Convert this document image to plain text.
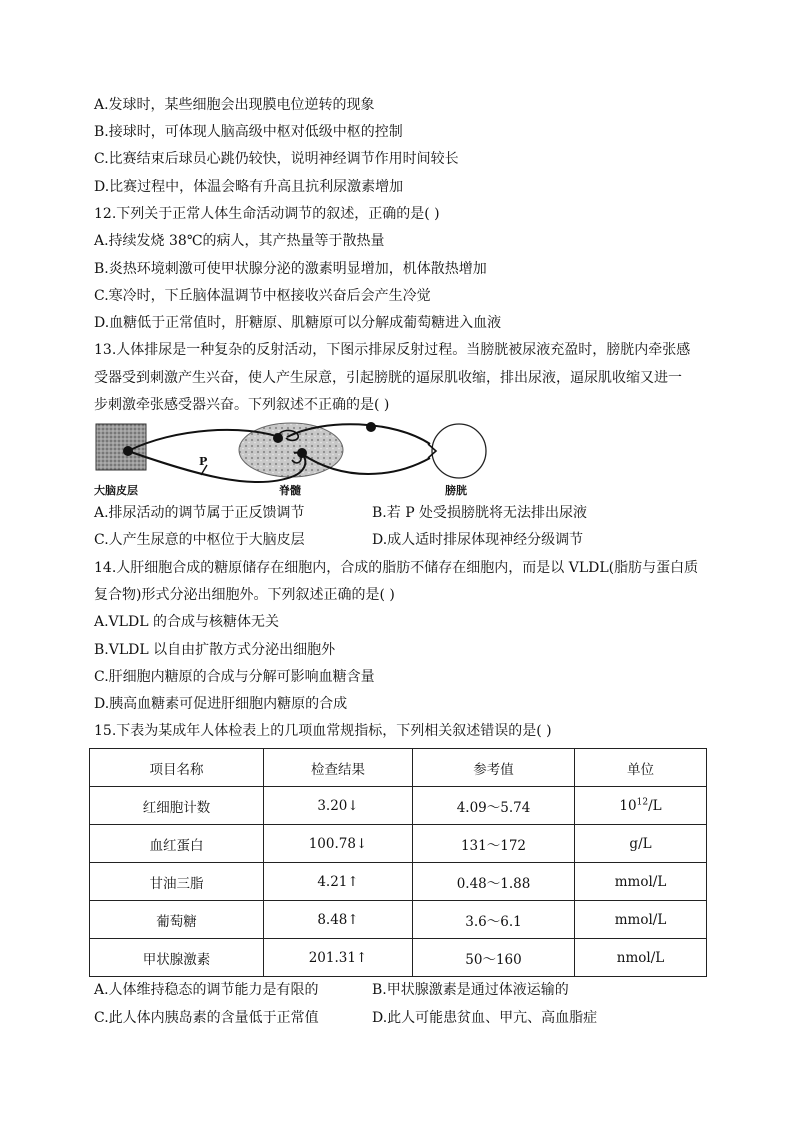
A.发球时，某些细胞会出现膜电位逆转的现象
B.接球时，可体现人脑高级中枢对低级中枢的控制
C.比赛结束后球员心跳仍较快，说明神经调节作用时间较长
D.比赛过程中，体温会略有升高且抗利尿激素增加
12.下列关于正常人体生命活动调节的叙述，正确的是( )
A.持续发烧 38℃的病人，其产热量等于散热量
B.炎热环境刺激可使甲状腺分泌的激素明显增加，机体散热增加
C.寒冷时，下丘脑体温调节中枢接收兴奋后会产生冷觉
D.血糖低于正常值时，肝糖原、肌糖原可以分解成葡萄糖进入血液
13.人体排尿是一种复杂的反射活动，下图示排尿反射过程。当膀胱被尿液充盈时，膀胱内牵张感
受器受到刺激产生兴奋，使人产生尿意，引起膀胱的逼尿肌收缩，排出尿液，逼尿肌收缩又进一
步刺激牵张感受器兴奋。下列叙述不正确的是( )
P
大脑皮层	脊髓	膀胱
A.排尿活动的调节属于正反馈调节	B.若 P 处受损膀胱将无法排出尿液
C.人产生尿意的中枢位于大脑皮层	D.成人适时排尿体现神经分级调节
14.人肝细胞合成的糖原储存在细胞内，合成的脂肪不储存在细胞内，而是以 VLDL(脂肪与蛋白质
复合物)形式分泌出细胞外。下列叙述正确的是( )
A.VLDL 的合成与核糖体无关
B.VLDL 以自由扩散方式分泌出细胞外
C.肝细胞内糖原的合成与分解可影响血糖含量
D.胰高血糖素可促进肝细胞内糖原的合成
15.下表为某成年人体检表上的几项血常规指标，下列相关叙述错误的是( )
项目名称	检查结果	参考值	单位
红细胞计数	3.20↓	4.09～5.74	$10^{12}/L$
血红蛋白	100.78↓	131～172	g/L
甘油三脂	4.21↑	0.48～1.88	mmol/L
葡萄糖	8.48↑	3.6～6.1	mmol/L
甲状腺激素	201.31↑	50～160	nmol/L
A.人体维持稳态的调节能力是有限的	B.甲状腺激素是通过体液运输的
C.此人体内胰岛素的含量低于正常值	D.此人可能患贫血、甲亢、高血脂症
